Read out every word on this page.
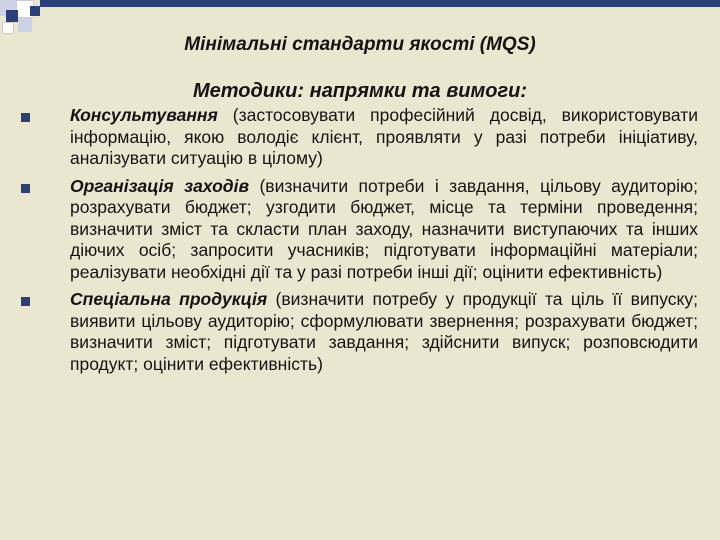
Мінімальні стандарти якості (MQS)
Методики: напрямки та вимоги:

Консультування (застосовувати професійний досвід, використовувати інформацію, якою володіє клієнт, проявляти у разі потреби ініціативу, аналізувати ситуацію в цілому)

Організація заходів (визначити потреби і завдання, цільову аудиторію; розрахувати бюджет; узгодити бюджет, місце та терміни проведення; визначити зміст та скласти план заходу, назначити виступаючих та інших діючих осіб; запросити учасників; підготувати інформаційні матеріали; реалізувати необхідні дії та у разі потреби інші дії; оцінити ефективність)

Спеціальна продукція (визначити потребу у продукції та ціль її випуску; виявити цільову аудиторію; сформулювати звернення; розрахувати бюджет; визначити зміст; підготувати завдання; здійснити випуск; розповсюдити продукт; оцінити ефективність)
